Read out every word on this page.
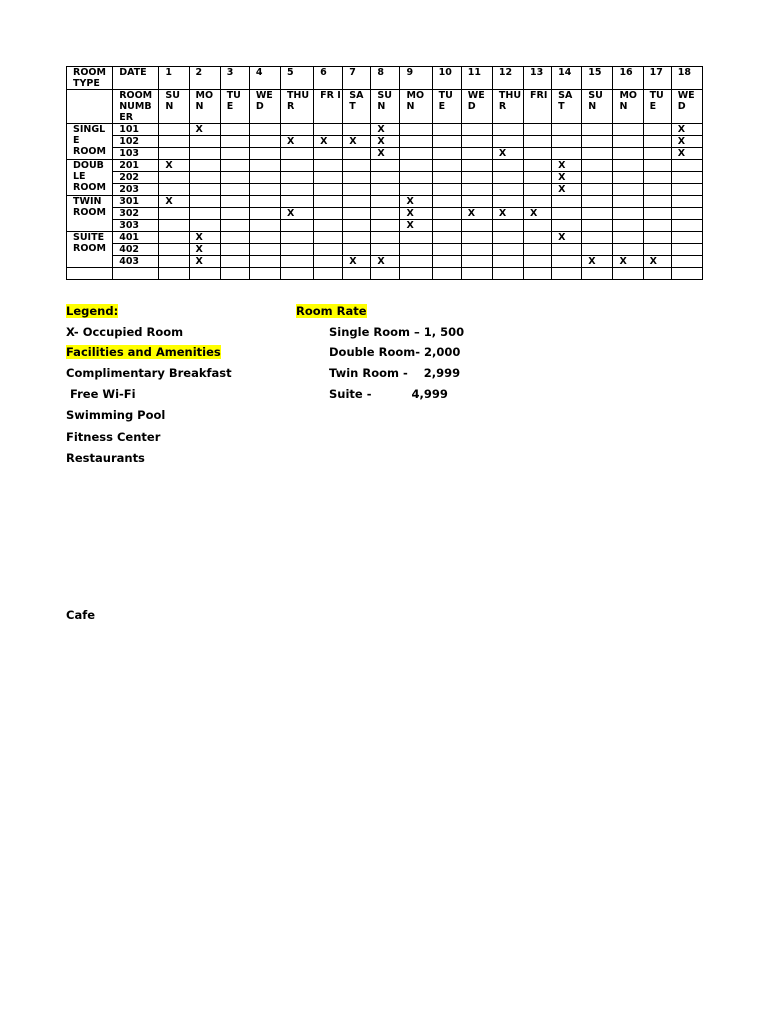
ROOM TYPE	DATE	1	2	3	4	5	6	7	8	9	10	11	12	13	14	15	16	17	18
	ROOM NUMB ER	SU N	MO N	TU E	WE D	THU R	FR I	SA T	SU N	MO N	TU E	WE D	THU R	FRI	SA T	SU N	MO N	TU E	WE D
SINGL E ROOM	101		X						X										X
	102					X	X	X	X										X
	103								X				X						X
DOUB LE ROOM	201	X													X				
	202														X				
	203														X				
TWIN ROOM	301	X								X									
	302					X				X		X	X	X					
	303									X									
SUITE ROOM	401		X												X				
	402		X																
	403		X					X	X							X	X	X	

Legend:
X- Occupied Room
Facilities and Amenities
Complimentary Breakfast
Free Wi-Fi
Swimming Pool
Fitness Center
Restaurants
Cafe
Room Rate
Single Room – 1, 500
Double Room- 2,000
Twin Room -    2,999
Suite -          4,999
